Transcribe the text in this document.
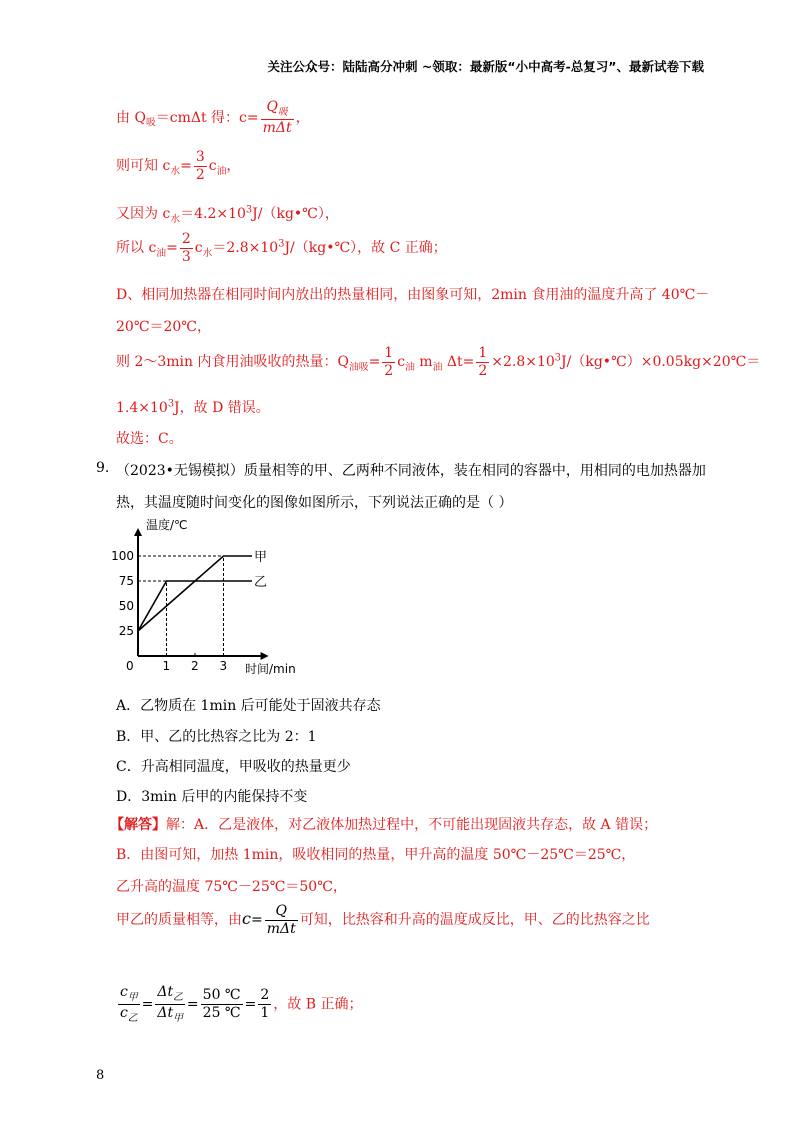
关注公众号：陆陆高分冲刺 ~领取：最新版“小中高考-总复习”、最新试卷下载
由 $Q_吸=cm\Delta t$ 得：$c= \frac{Q_吸}{\text{mΔt}}$ ，
则可知 $c_水= \frac{3}{2} c_油$，
又因为 $c_水=4.2\times 10^3J/(kg•℃)$，
所以 $c_油= \frac{2}{3}$ $c_水=2.8\times 10^3J/(kg•℃)$，故 C 正确；
D、相同加热器在相同时间内放出的热量相同，由图象可知，2min 食用油的温度升高了 40℃－
20℃＝20℃，
则 2～3min 内食用油吸收的热量：$Q_{油吸}= \frac{1}{2} c_油$ $m_油$ $\Delta t= \frac{1}{2}$ $\times 2.8\times 10^3J/(kg•℃)\times 0.05kg\times 20℃=$
$1.4\times 10^3J$，故 D 错误。
故选：C。
9. （2023•无锡模拟）质量相等的甲、乙两种不同液体，装在相同的容器中，用相同的电加热器加
热，其温度随时间变化的图像如图所示，下列说法正确的是（ ）
0 1 2 3
25
50
75
100
温度/℃
时间/min
甲
乙
A．乙物质在 1min 后可能处于固液共存态
B．甲、乙的比热容之比为 2：1
C．升高相同温度，甲吸收的热量更少
D．3min 后甲的内能保持不变
【解答】解：A．乙是液体，对乙液体加热过程中，不可能出现固液共存态，故 A 错误；
B．由图可知，加热 1min，吸收相同的热量，甲升高的温度 50℃－25℃＝25℃，
乙升高的温度 75℃－25℃＝50℃，
甲乙的质量相等，由$c= \frac{Q}{\text{mΔt}}$ 可知，比热容和升高的温度成反比，甲、乙的比热容之比
$\frac{c_甲}{c_乙} = \frac{\Delta t_乙}{\Delta t_甲} = \frac{50 ℃}{25 ℃} = \frac{2}{1}$ ，故 B 正确；
8
